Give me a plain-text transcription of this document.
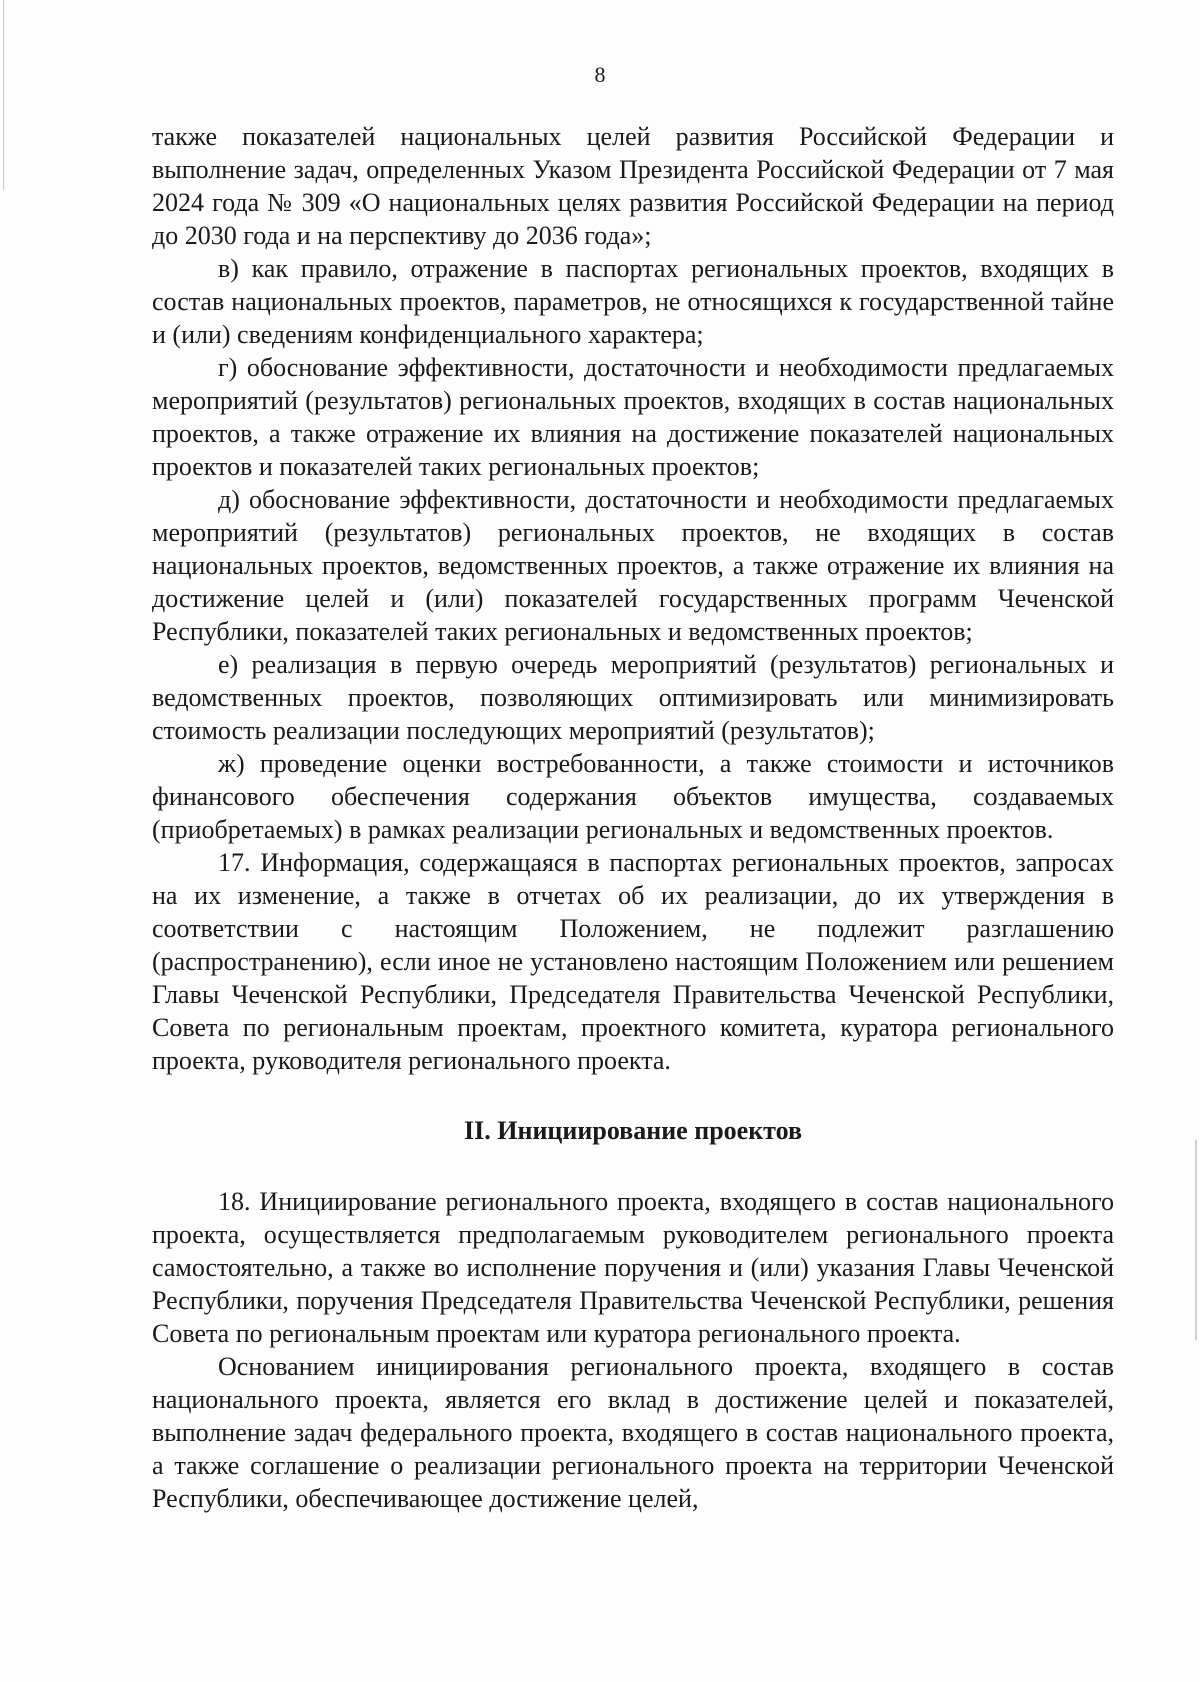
8

также показателей национальных целей развития Российской Федерации и выполнение задач, определенных Указом Президента Российской Федерации от 7 мая 2024 года № 309 «О национальных целях развития Российской Федерации на период до 2030 года и на перспективу до 2036 года»;

в) как правило, отражение в паспортах региональных проектов, входящих в состав национальных проектов, параметров, не относящихся к государственной тайне и (или) сведениям конфиденциального характера;

г) обоснование эффективности, достаточности и необходимости предлагаемых мероприятий (результатов) региональных проектов, входящих в состав национальных проектов, а также отражение их влияния на достижение показателей национальных проектов и показателей таких региональных проектов;

д) обоснование эффективности, достаточности и необходимости предлагаемых мероприятий (результатов) региональных проектов, не входящих в состав национальных проектов, ведомственных проектов, а также отражение их влияния на достижение целей и (или) показателей государственных программ Чеченской Республики, показателей таких региональных и ведомственных проектов;

е) реализация в первую очередь мероприятий (результатов) региональных и ведомственных проектов, позволяющих оптимизировать или минимизировать стоимость реализации последующих мероприятий (результатов);

ж) проведение оценки востребованности, а также стоимости и источников финансового обеспечения содержания объектов имущества, создаваемых (приобретаемых) в рамках реализации региональных и ведомственных проектов.

17. Информация, содержащаяся в паспортах региональных проектов, запросах на их изменение, а также в отчетах об их реализации, до их утверждения в соответствии с настоящим Положением, не подлежит разглашению (распространению), если иное не установлено настоящим Положением или решением Главы Чеченской Республики, Председателя Правительства Чеченской Республики, Совета по региональным проектам, проектного комитета, куратора регионального проекта, руководителя регионального проекта.

II. Инициирование проектов

18. Инициирование регионального проекта, входящего в состав национального проекта, осуществляется предполагаемым руководителем регионального проекта самостоятельно, а также во исполнение поручения и (или) указания Главы Чеченской Республики, поручения Председателя Правительства Чеченской Республики, решения Совета по региональным проектам или куратора регионального проекта.

Основанием инициирования регионального проекта, входящего в состав национального проекта, является его вклад в достижение целей и показателей, выполнение задач федерального проекта, входящего в состав национального проекта, а также соглашение о реализации регионального проекта на территории Чеченской Республики, обеспечивающее достижение целей,
